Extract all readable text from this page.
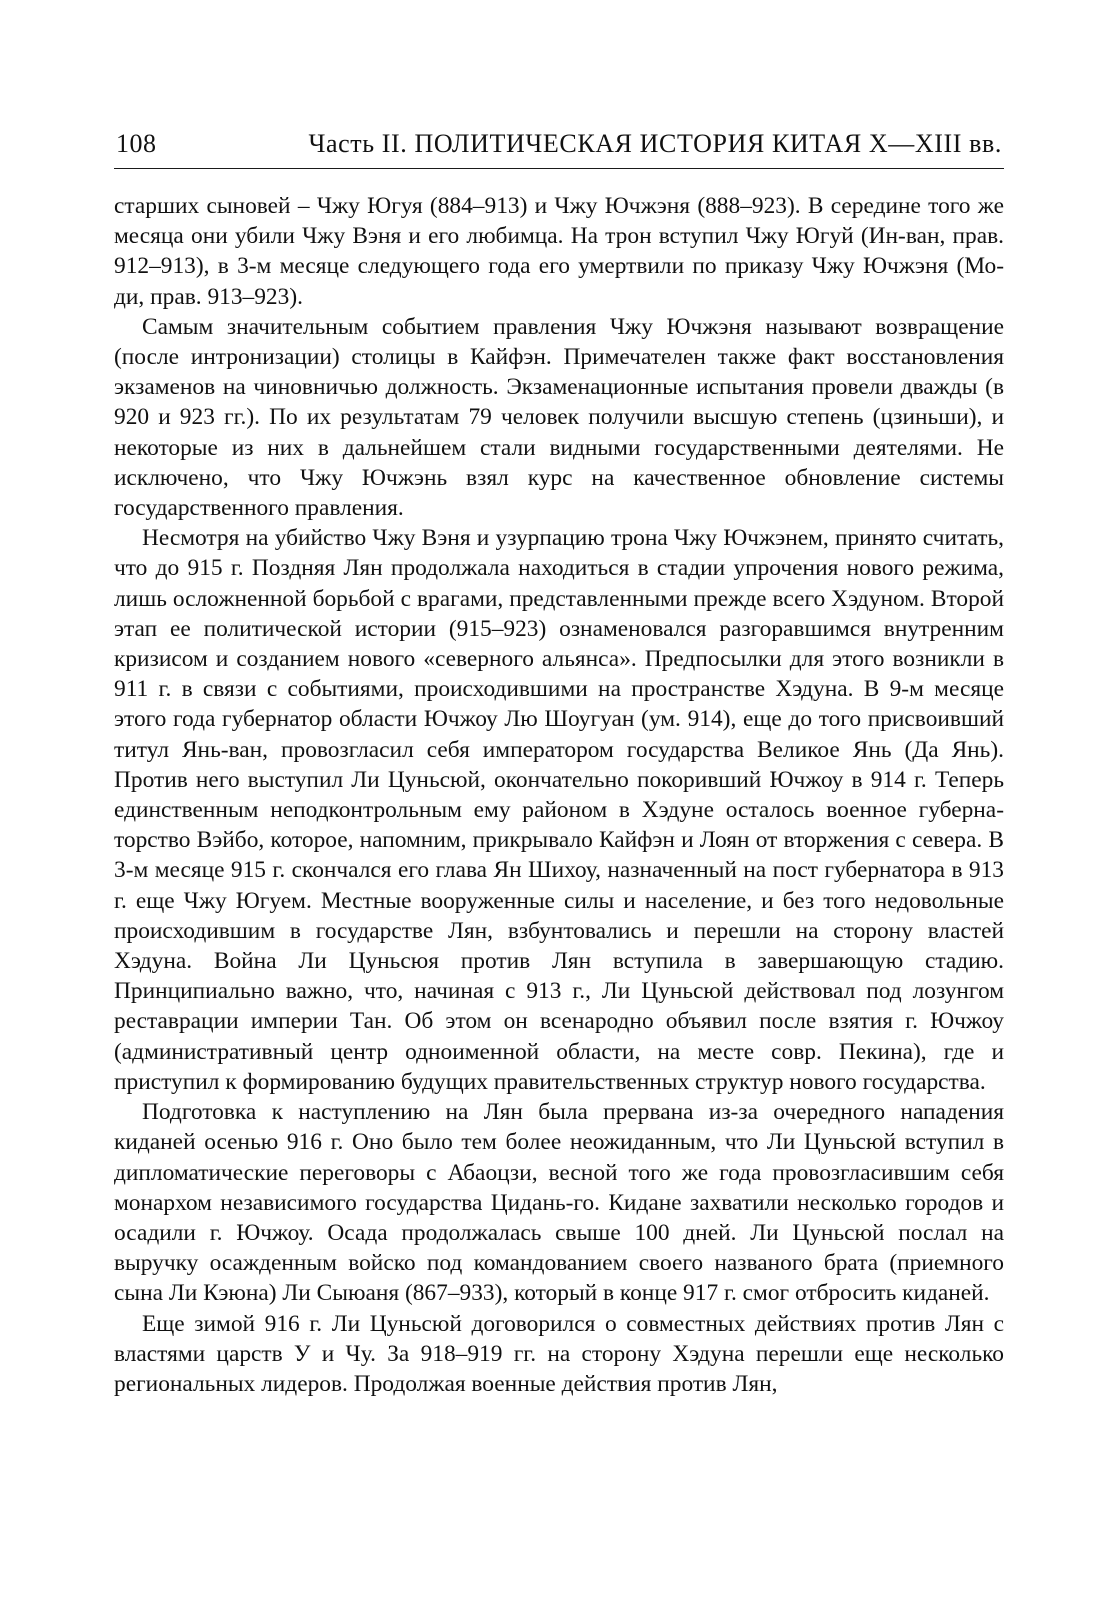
108	Часть II. ПОЛИТИЧЕСКАЯ ИСТОРИЯ КИТАЯ X—XIII вв.

старших сыновей – Чжу Югуя (884–913) и Чжу Ючжэня (888–923). В середине того же месяца они убили Чжу Вэня и его любимца. На трон вступил Чжу Югуй (Ин-ван, прав. 912–913), в 3-м месяце следующего года его умертвили по приказу Чжу Ючжэня (Мо-ди, прав. 913–923).

Самым значительным событием правления Чжу Ючжэня называют возвращение (после интронизации) столицы в Кайфэн. Примечателен также факт восстановления экзаменов на чиновничью должность. Экзаменационные испытания провели дважды (в 920 и 923 гг.). По их результатам 79 человек получили высшую степень (цзиньши), и некоторые из них в дальнейшем стали видными государственными деятелями. Не исключено, что Чжу Ючжэнь взял курс на качественное обновление системы государственного правления.

Несмотря на убийство Чжу Вэня и узурпацию трона Чжу Ючжэнем, принято считать, что до 915 г. Поздняя Лян продолжала находиться в стадии упрочения нового режима, лишь осложненной борьбой с врагами, представленными прежде всего Хэдуном. Второй этап ее политической истории (915–923) ознаменовался разгоравшимся внутренним кризисом и созданием нового «северного альянса». Предпосылки для этого возникли в 911 г. в связи с событиями, происходившими на пространстве Хэдуна. В 9-м месяце этого года губернатор области Ючжоу Лю Шоугуан (ум. 914), еще до того присвоивший титул Янь-ван, провозгласил себя императором государства Великое Янь (Да Янь). Против него выступил Ли Цуньсюй, окончательно покоривший Ючжоу в 914 г. Теперь единственным неподконтрольным ему районом в Хэдуне осталось военное губернаторство Вэйбо, которое, напомним, прикрывало Кайфэн и Лоян от вторжения с севера. В 3-м месяце 915 г. скончался его глава Ян Шихоу, назначенный на пост губернатора в 913 г. еще Чжу Югуем. Местные вооруженные силы и население, и без того недовольные происходившим в государстве Лян, взбунтовались и перешли на сторону властей Хэдуна. Война Ли Цуньсюя против Лян вступила в завершающую стадию. Принципиально важно, что, начиная с 913 г., Ли Цуньсюй действовал под лозунгом реставрации империи Тан. Об этом он всенародно объявил после взятия г. Ючжоу (административный центр одноименной области, на месте совр. Пекина), где и приступил к формированию будущих правительственных структур нового государства.

Подготовка к наступлению на Лян была прервана из-за очередного нападения киданей осенью 916 г. Оно было тем более неожиданным, что Ли Цуньсюй вступил в дипломатические переговоры с Абаоцзи, весной того же года провозгласившим себя монархом независимого государства Цидань-го. Кидане захватили несколько городов и осадили г. Ючжоу. Осада продолжалась свыше 100 дней. Ли Цуньсюй послал на выручку осажденным войско под командованием своего названого брата (приемного сына Ли Кэюна) Ли Сыюаня (867–933), который в конце 917 г. смог отбросить киданей.

Еще зимой 916 г. Ли Цуньсюй договорился о совместных действиях против Лян с властями царств У и Чу. За 918–919 гг. на сторону Хэдуна перешли еще несколько региональных лидеров. Продолжая военные действия против Лян,
